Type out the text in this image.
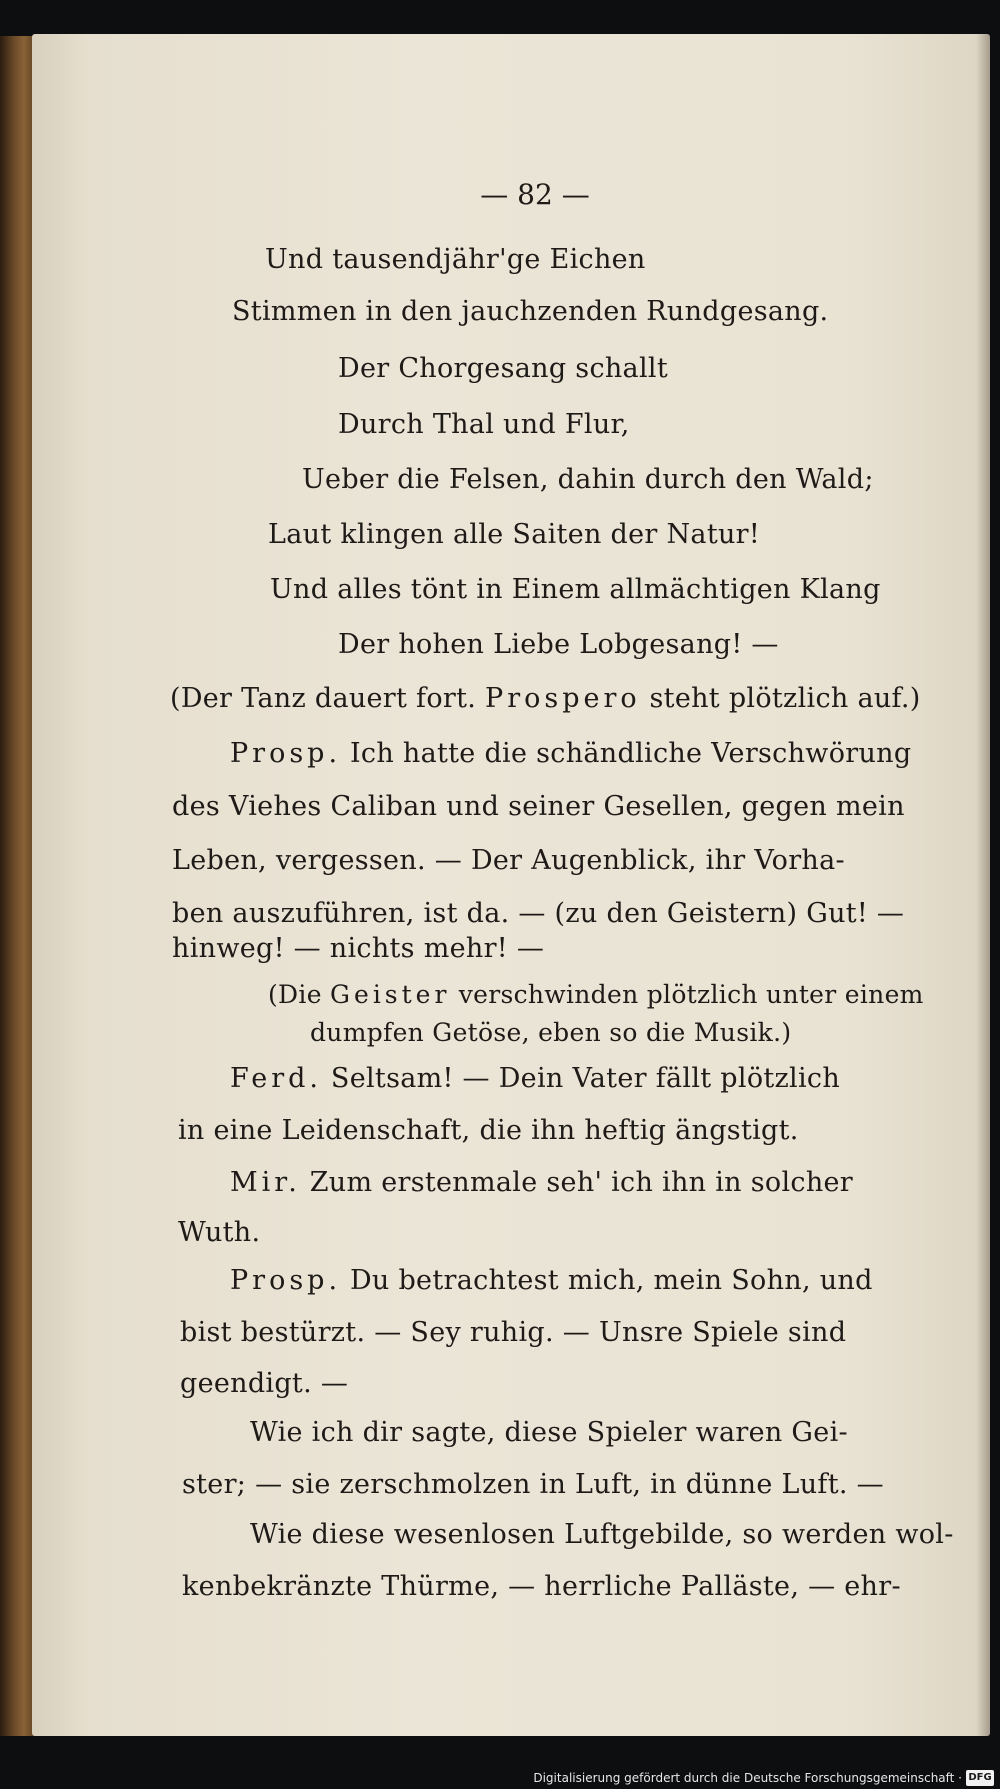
— 82 —
Und tausendjähr'ge Eichen
Stimmen in den jauchzenden Rundgesang.
Der Chorgesang schallt
Durch Thal und Flur,
Ueber die Felsen, dahin durch den Wald;
Laut klingen alle Saiten der Natur!
Und alles tönt in Einem allmächtigen Klang
Der hohen Liebe Lobgesang! —
(Der Tanz dauert fort. Prospero steht plötzlich auf.)
Prosp. Ich hatte die schändliche Verschwörung
des Viehes Caliban und seiner Gesellen, gegen mein
Leben, vergessen. — Der Augenblick, ihr Vorha-
ben auszuführen, ist da. — (zu den Geistern) Gut! —
hinweg! — nichts mehr! —
(Die Geister verschwinden plötzlich unter einem
dumpfen Getöse, eben so die Musik.)
Ferd. Seltsam! — Dein Vater fällt plötzlich
in eine Leidenschaft, die ihn heftig ängstigt.
Mir. Zum erstenmale seh' ich ihn in solcher
Wuth.
Prosp. Du betrachtest mich, mein Sohn, und
bist bestürzt. — Sey ruhig. — Unsre Spiele sind
geendigt. —
Wie ich dir sagte, diese Spieler waren Gei-
ster; — sie zerschmolzen in Luft, in dünne Luft. —
Wie diese wesenlosen Luftgebilde, so werden wol-
kenbekränzte Thürme, — herrliche Palläste, — ehr-
Digitalisierung gefördert durch die Deutsche Forschungsgemeinschaft · DFG
